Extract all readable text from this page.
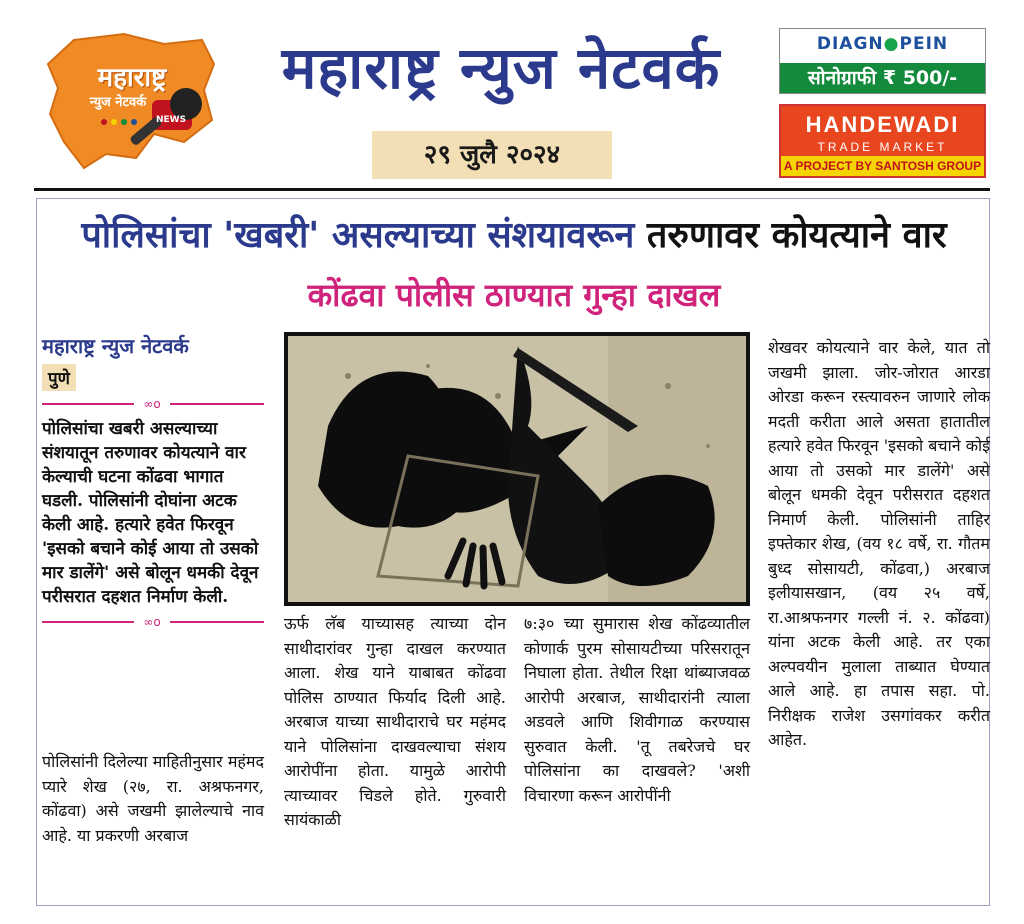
NEWS
महाराष्ट्र
न्युज नेटवर्क
महाराष्ट्र न्युज नेटवर्क
२९ जुलै २०२४
DIAGN●PEIN
सोनोग्राफी ₹ 500/-
HANDEWADI
TRADE MARKET
A PROJECT BY SANTOSH GROUP
पोलिसांचा 'खबरी' असल्याच्या संशयावरून तरुणावर कोयत्याने वार
कोंढवा पोलीस ठाण्यात गुन्हा दाखल
महाराष्ट्र न्युज नेटवर्क
पुणे
∞o
पोलिसांचा खबरी असल्याच्या संशयातून तरुणावर कोयत्याने वार केल्याची घटना कोंढवा भागात घडली. पोलिसांनी दोघांना अटक केली आहे. हत्यारे हवेत फिरवून 'इसको बचाने कोई आया तो उसको मार डालेंगे' असे बोलून धमकी देवून परीसरात दहशत निर्माण केली.
∞o
पोलिसांनी दिलेल्या माहितीनुसार महंमद प्यारे शेख (२७, रा. अश्रफनगर, कोंढवा) असे जखमी झालेल्याचे नाव आहे. या प्रकरणी अरबाज
ऊर्फ लॅब याच्यासह त्याच्या दोन साथीदारांवर गुन्हा दाखल करण्यात आला. शेख याने याबाबत कोंढवा पोलिस ठाण्यात फिर्याद दिली आहे. अरबाज याच्या साथीदाराचे घर महंमद याने पोलिसांना दाखवल्याचा संशय आरोपींना होता. यामुळे आरोपी त्याच्यावर चिडले होते. गुरुवारी सायंकाळी
७:३० च्या सुमारास शेख कोंढव्यातील कोणार्क पुरम सोसायटीच्या परिसरातून निघाला होता. तेथील रिक्षा थांब्याजवळ आरोपी अरबाज, साथीदारांनी त्याला अडवले आणि शिवीगाळ करण्यास सुरुवात केली. 'तू तबरेजचे घर पोलिसांना का दाखवले? 'अशी विचारणा करून आरोपींनी
शेखवर कोयत्याने वार केले, यात तो जखमी झाला. जोर-जोरात आरडा ओरडा करून रस्त्यावरुन जाणारे लोक मदती करीता आले असता हातातील हत्यारे हवेत फिरवून 'इसको बचाने कोई आया तो उसको मार डालेंगे' असे बोलून धमकी देवून परीसरात दहशत निमार्ण केली. पोलिसांनी ताहिर इफ्तेकार शेख, (वय १८ वर्षे, रा. गौतम बुध्द सोसायटी, कोंढवा,) अरबाज इलीयासखान, (वय २५ वर्षे, रा.आश्रफनगर गल्ली नं. २. कोंढवा) यांना अटक केली आहे. तर एका अल्पवयीन मुलाला ताब्यात घेण्यात आले आहे. हा तपास सहा. पो. निरीक्षक राजेश उसगांवकर करीत आहेत.
